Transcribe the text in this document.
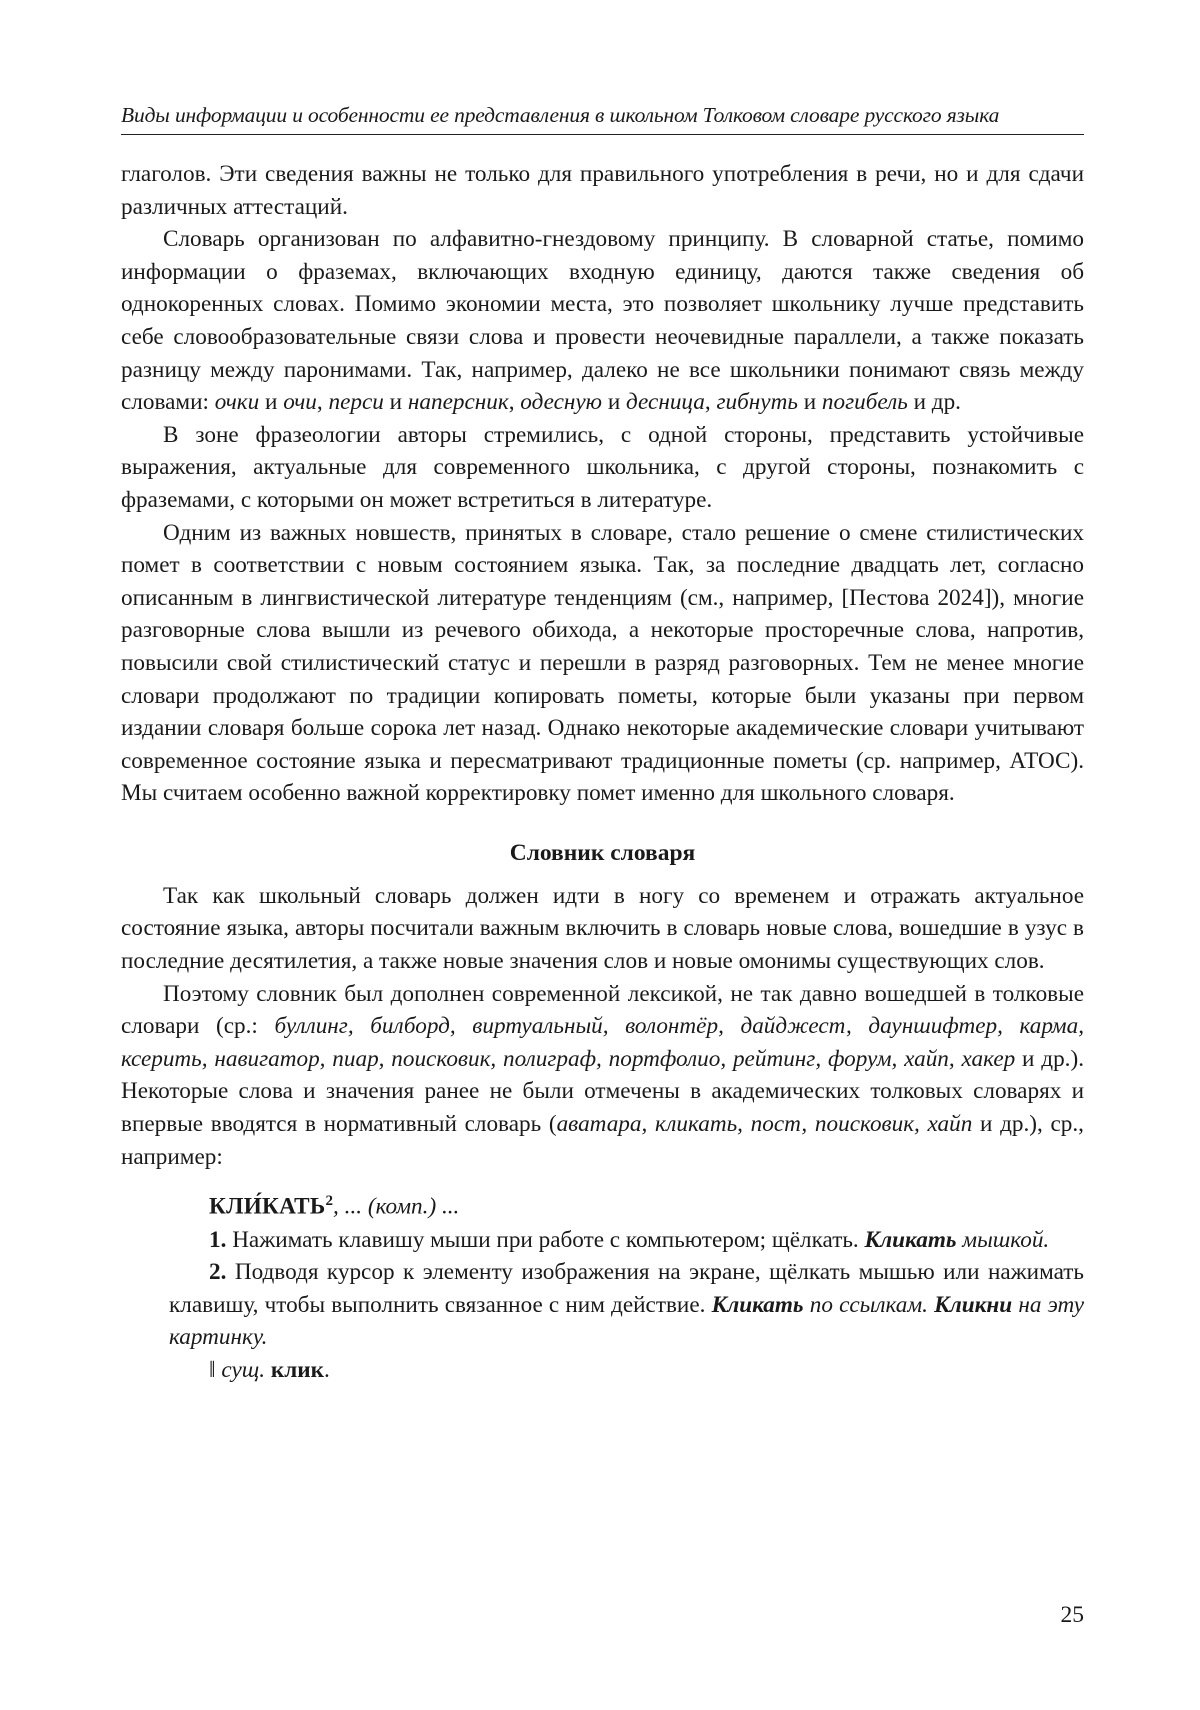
Виды информации и особенности ее представления в школьном Толковом словаре русского языка

глаголов. Эти сведения важны не только для правильного употребления в речи, но и для сдачи различных аттестаций.

Словарь организован по алфавитно-гнездовому принципу. В словарной статье, помимо информации о фраземах, включающих входную единицу, даются также сведения об однокоренных словах. Помимо экономии места, это позволяет школьнику лучше представить себе словообразовательные связи слова и провести неочевидные параллели, а также показать разницу между паронимами. Так, например, далеко не все школьники понимают связь между словами: очки и очи, перси и наперсник, одесную и десница, гибнуть и погибель и др.

В зоне фразеологии авторы стремились, с одной стороны, представить устойчивые выражения, актуальные для современного школьника, с другой стороны, познакомить с фраземами, с которыми он может встретиться в литературе.

Одним из важных новшеств, принятых в словаре, стало решение о смене стилистических помет в соответствии с новым состоянием языка. Так, за последние двадцать лет, согласно описанным в лингвистической литературе тенденциям (см., например, [Пестова 2024]), многие разговорные слова вышли из речевого обихода, а некоторые просторечные слова, напротив, повысили свой стилистический статус и перешли в разряд разговорных. Тем не менее многие словари продолжают по традиции копировать пометы, которые были указаны при первом издании словаря больше сорока лет назад. Однако некоторые академические словари учитывают современное состояние языка и пересматривают традиционные пометы (ср. например, АТОС). Мы считаем особенно важной корректировку помет именно для школьного словаря.

Словник словаря

Так как школьный словарь должен идти в ногу со временем и отражать актуальное состояние языка, авторы посчитали важным включить в словарь новые слова, вошедшие в узус в последние десятилетия, а также новые значения слов и новые омонимы существующих слов.

Поэтому словник был дополнен современной лексикой, не так давно вошедшей в толковые словари (ср.: буллинг, билборд, виртуальный, волонтёр, дайджест, дауншифтер, карма, ксерить, навигатор, пиар, поисковик, полиграф, портфолио, рейтинг, форум, хайп, хакер и др.). Некоторые слова и значения ранее не были отмечены в академических толковых словарях и впервые вводятся в нормативный словарь (аватара, кликать, пост, поисковик, хайп и др.), ср., например:

КЛИ́КАТЬ$^2$, ... (комп.) ...

1. Нажимать клавишу мыши при работе с компьютером; щёлкать. Кликать мышкой.

2. Подводя курсор к элементу изображения на экране, щёлкать мышью или нажимать клавишу, чтобы выполнить связанное с ним действие. Кликать по ссылкам. Кликни на эту картинку.

‖ сущ. клик.

25
